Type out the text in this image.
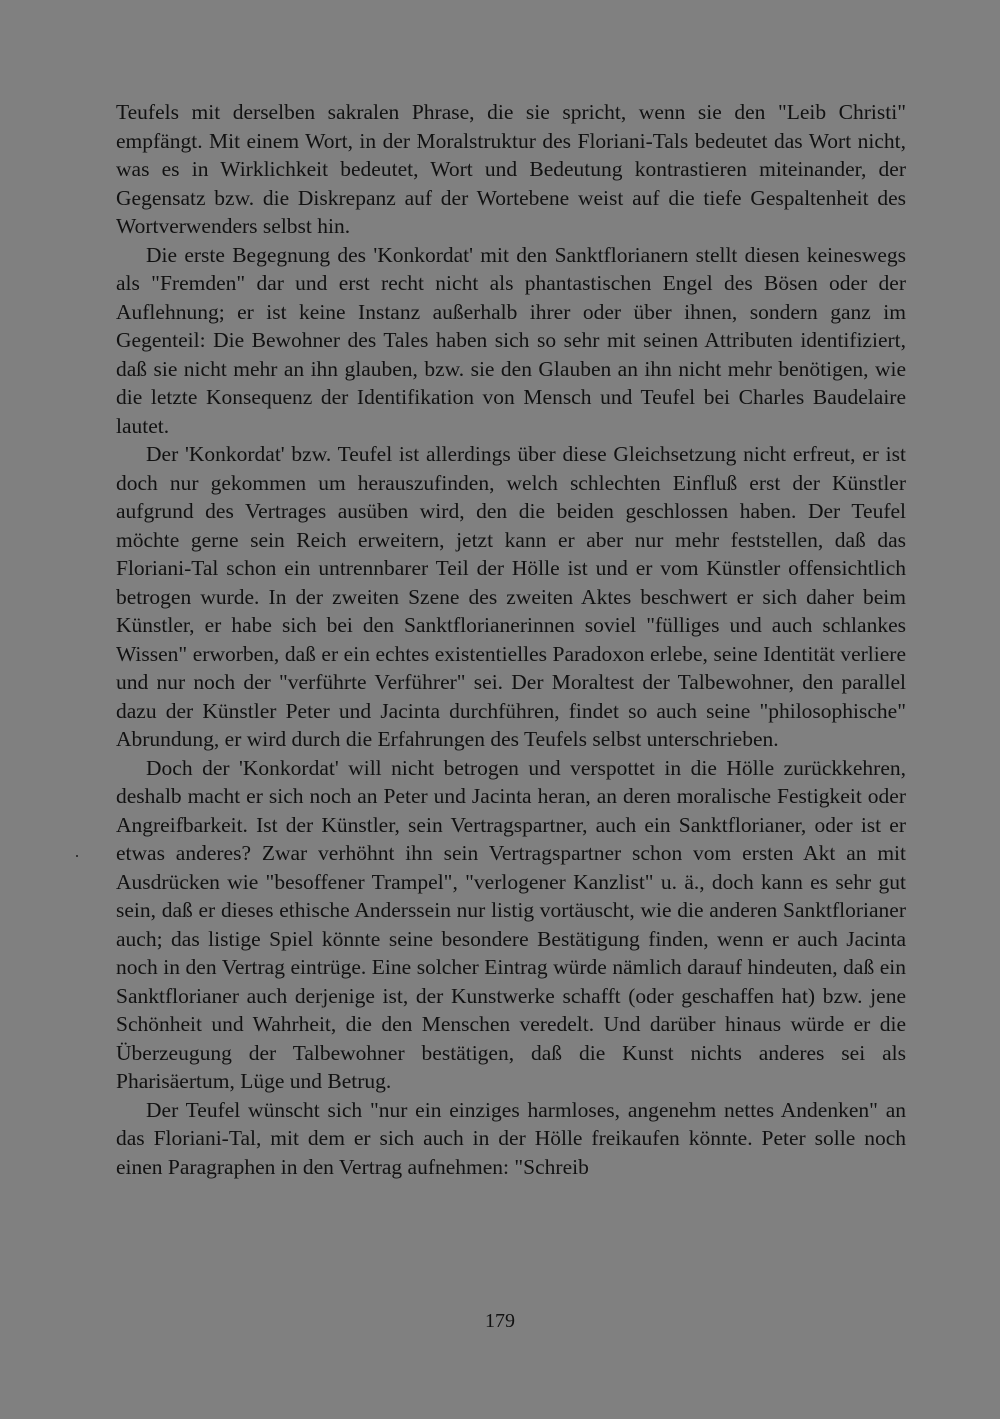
Teufels mit derselben sakralen Phrase, die sie spricht, wenn sie den "Leib Christi" empfängt. Mit einem Wort, in der Moralstruktur des Floriani-Tals bedeutet das Wort nicht, was es in Wirklichkeit bedeutet, Wort und Bedeutung kontrastieren miteinander, der Gegensatz bzw. die Diskrepanz auf der Wortebene weist auf die tiefe Gespaltenheit des Wortverwenders selbst hin.

Die erste Begegnung des 'Konkordat' mit den Sanktflorianern stellt diesen keineswegs als "Fremden" dar und erst recht nicht als phantastischen Engel des Bösen oder der Auflehnung; er ist keine Instanz außerhalb ihrer oder über ihnen, sondern ganz im Gegenteil: Die Bewohner des Tales haben sich so sehr mit seinen Attributen identifiziert, daß sie nicht mehr an ihn glauben, bzw. sie den Glauben an ihn nicht mehr benötigen, wie die letzte Konsequenz der Identifikation von Mensch und Teufel bei Charles Baudelaire lautet.

Der 'Konkordat' bzw. Teufel ist allerdings über diese Gleichsetzung nicht erfreut, er ist doch nur gekommen um herauszufinden, welch schlechten Einfluß erst der Künstler aufgrund des Vertrages ausüben wird, den die beiden geschlossen haben. Der Teufel möchte gerne sein Reich erweitern, jetzt kann er aber nur mehr feststellen, daß das Floriani-Tal schon ein untrennbarer Teil der Hölle ist und er vom Künstler offensichtlich betrogen wurde. In der zweiten Szene des zweiten Aktes beschwert er sich daher beim Künstler, er habe sich bei den Sanktflorianerinnen soviel "fülliges und auch schlankes Wissen" erworben, daß er ein echtes existentielles Paradoxon erlebe, seine Identität verliere und nur noch der "verführte Verführer" sei. Der Moraltest der Talbewohner, den parallel dazu der Künstler Peter und Jacinta durchführen, findet so auch seine "philosophische" Abrundung, er wird durch die Erfahrungen des Teufels selbst unterschrieben.

Doch der 'Konkordat' will nicht betrogen und verspottet in die Hölle zurückkehren, deshalb macht er sich noch an Peter und Jacinta heran, an deren moralische Festigkeit oder Angreifbarkeit. Ist der Künstler, sein Vertragspartner, auch ein Sanktflorianer, oder ist er etwas anderes? Zwar verhöhnt ihn sein Vertragspartner schon vom ersten Akt an mit Ausdrücken wie "besoffener Trampel", "verlogener Kanzlist" u. ä., doch kann es sehr gut sein, daß er dieses ethische Anderssein nur listig vortäuscht, wie die anderen Sanktflorianer auch; das listige Spiel könnte seine besondere Bestätigung finden, wenn er auch Jacinta noch in den Vertrag eintrüge. Eine solcher Eintrag würde nämlich darauf hindeuten, daß ein Sanktflorianer auch derjenige ist, der Kunstwerke schafft (oder geschaffen hat) bzw. jene Schönheit und Wahrheit, die den Menschen veredelt. Und darüber hinaus würde er die Überzeugung der Talbewohner bestätigen, daß die Kunst nichts anderes sei als Pharisäertum, Lüge und Betrug.

Der Teufel wünscht sich "nur ein einziges harmloses, angenehm nettes Andenken" an das Floriani-Tal, mit dem er sich auch in der Hölle freikaufen könnte. Peter solle noch einen Paragraphen in den Vertrag aufnehmen: "Schreib

179
